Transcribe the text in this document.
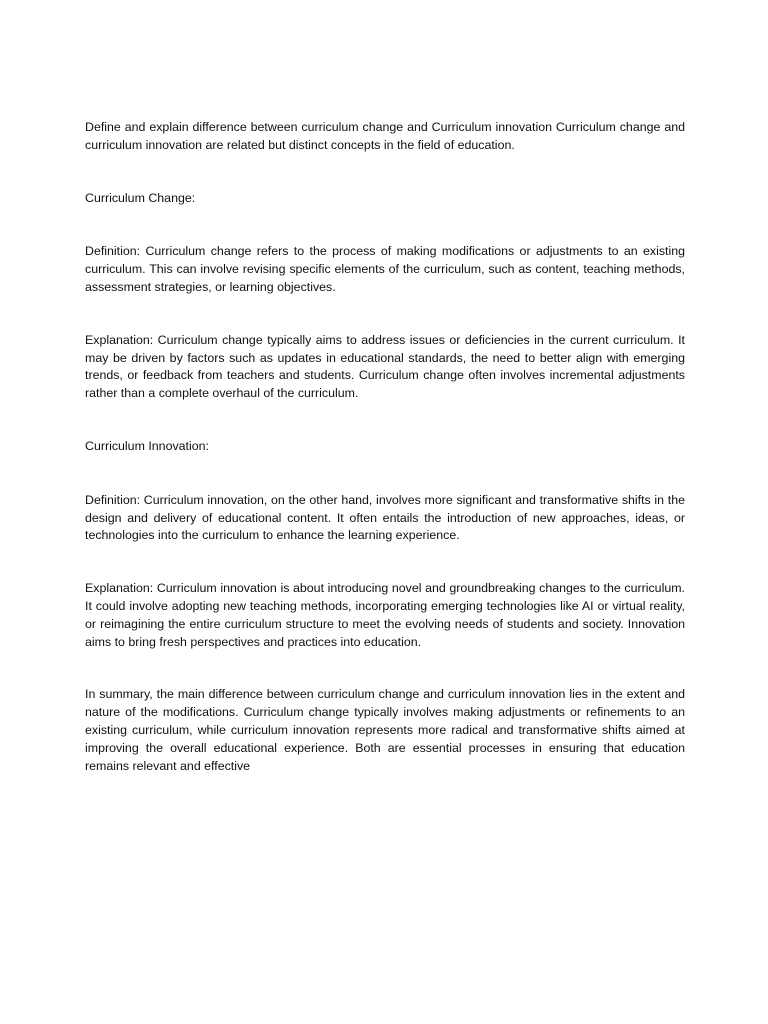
Define and explain difference between curriculum change and Curriculum innovation Curriculum change and curriculum innovation are related but distinct concepts in the field of education.

Curriculum Change:

Definition: Curriculum change refers to the process of making modifications or adjustments to an existing curriculum. This can involve revising specific elements of the curriculum, such as content, teaching methods, assessment strategies, or learning objectives.

Explanation: Curriculum change typically aims to address issues or deficiencies in the current curriculum. It may be driven by factors such as updates in educational standards, the need to better align with emerging trends, or feedback from teachers and students. Curriculum change often involves incremental adjustments rather than a complete overhaul of the curriculum.

Curriculum Innovation:

Definition: Curriculum innovation, on the other hand, involves more significant and transformative shifts in the design and delivery of educational content. It often entails the introduction of new approaches, ideas, or technologies into the curriculum to enhance the learning experience.

Explanation: Curriculum innovation is about introducing novel and groundbreaking changes to the curriculum. It could involve adopting new teaching methods, incorporating emerging technologies like AI or virtual reality, or reimagining the entire curriculum structure to meet the evolving needs of students and society. Innovation aims to bring fresh perspectives and practices into education.

In summary, the main difference between curriculum change and curriculum innovation lies in the extent and nature of the modifications. Curriculum change typically involves making adjustments or refinements to an existing curriculum, while curriculum innovation represents more radical and transformative shifts aimed at improving the overall educational experience. Both are essential processes in ensuring that education remains relevant and effective
